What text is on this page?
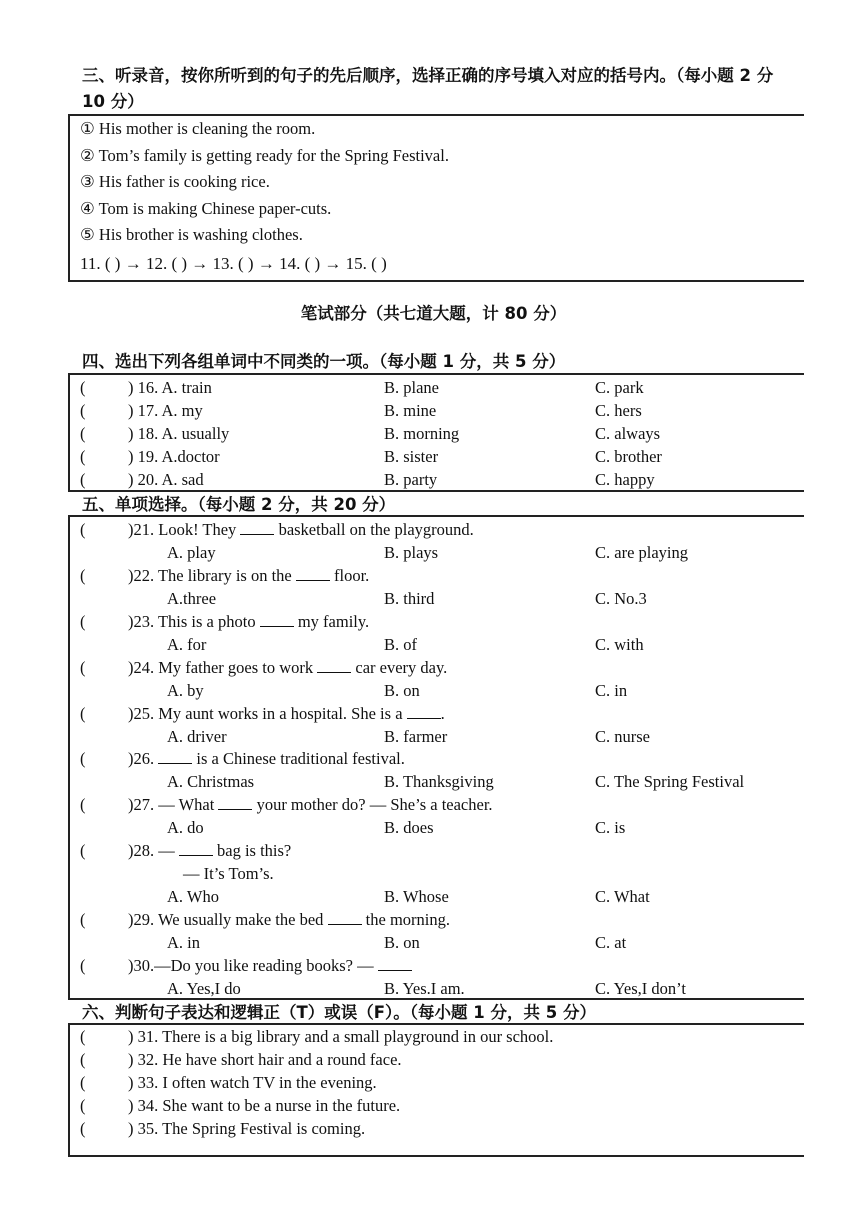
三、听录音，按你所听到的句子的先后顺序，选择正确的序号填入对应的括号内。（每小题 2 分
10 分）
① His mother is cleaning the room.
② Tom’s family is getting ready for the Spring Festival.
③ His father is cooking rice.
④ Tom is making Chinese paper-cuts.
⑤ His brother is washing clothes.
11. ( ) → 12. ( ) → 13. ( ) → 14. ( ) → 15. ( )
笔试部分（共七道大题，计 80 分）
四、选出下列各组单词中不同类的一项。（每小题 1 分，共 5 分）
(	) 16. A. train	B. plane	C. park
(	) 17. A. my	B. mine	C. hers
(	) 18. A. usually	B. morning	C. always
(	) 19. A.doctor	B. sister	C. brother
(	) 20. A. sad	B. party	C. happy
五、单项选择。（每小题 2 分，共 20 分）
(	)21. Look! They  basketball on the playground.
A. play	B. plays	C. are playing
(	)22. The library is on the  floor.
A.three	B. third	C. No.3
(	)23. This is a photo  my family.
A. for	B. of	C. with
(	)24. My father goes to work  car every day.
A. by	B. on	C. in
(	)25. My aunt works in a hospital. She is a .
A. driver	B. farmer	C. nurse
(	)26.  is a Chinese traditional festival.
A. Christmas	B. Thanksgiving	C. The Spring Festival
(	)27. — What  your mother do? — She’s a teacher.
A. do	B. does	C. is
(	)28. —  bag is this?
— It’s Tom’s.
A. Who	B. Whose	C. What
(	)29. We usually make the bed  the morning.
A. in	B. on	C. at
(	)30.—Do you like reading books? —
A. Yes,I do	B. Yes.I am.	C. Yes,I don’t
六、判断句子表达和逻辑正（T）或误（F）。（每小题 1 分，共 5 分）
(	) 31. There is a big library and a small playground in our school.
(	) 32. He have short hair and a round face.
(	) 33. I often watch TV in the evening.
(	) 34. She want to be a nurse in the future.
(	) 35. The Spring Festival is coming.
